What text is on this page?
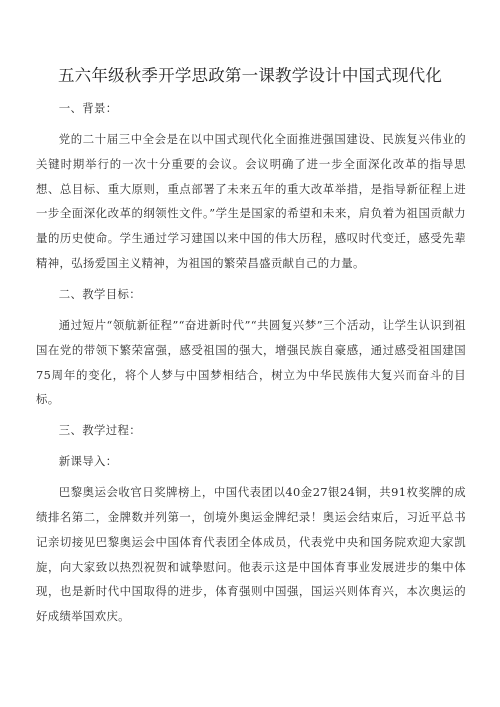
五六年级秋季开学思政第一课教学设计中国式现代化

一、背景：

党的二十届三中全会是在以中国式现代化全面推进强国建设、民族复兴伟业的关键时期举行的一次十分重要的会议。会议明确了进一步全面深化改革的指导思想、总目标、重大原则，重点部署了未来五年的重大改革举措，是指导新征程上进一步全面深化改革的纲领性文件。”学生是国家的希望和未来，肩负着为祖国贡献力量的历史使命。学生通过学习建国以来中国的伟大历程，感叹时代变迁，感受先辈精神，弘扬爱国主义精神，为祖国的繁荣昌盛贡献自己的力量。

二、教学目标：

通过短片“领航新征程”“奋进新时代”“共圆复兴梦”三个活动，让学生认识到祖国在党的带领下繁荣富强，感受祖国的强大，增强民族自豪感，通过感受祖国建国75周年的变化，将个人梦与中国梦相结合，树立为中华民族伟大复兴而奋斗的目标。

三、教学过程：

新课导入：

巴黎奥运会收官日奖牌榜上，中国代表团以40金27银24铜，共91枚奖牌的成绩排名第二，金牌数并列第一，创境外奥运金牌纪录！奥运会结束后，习近平总书记亲切接见巴黎奥运会中国体育代表团全体成员，代表党中央和国务院欢迎大家凯旋，向大家致以热烈祝贺和诚挚慰问。他表示这是中国体育事业发展进步的集中体现，也是新时代中国取得的进步，体育强则中国强，国运兴则体育兴，本次奥运的好成绩举国欢庆。
